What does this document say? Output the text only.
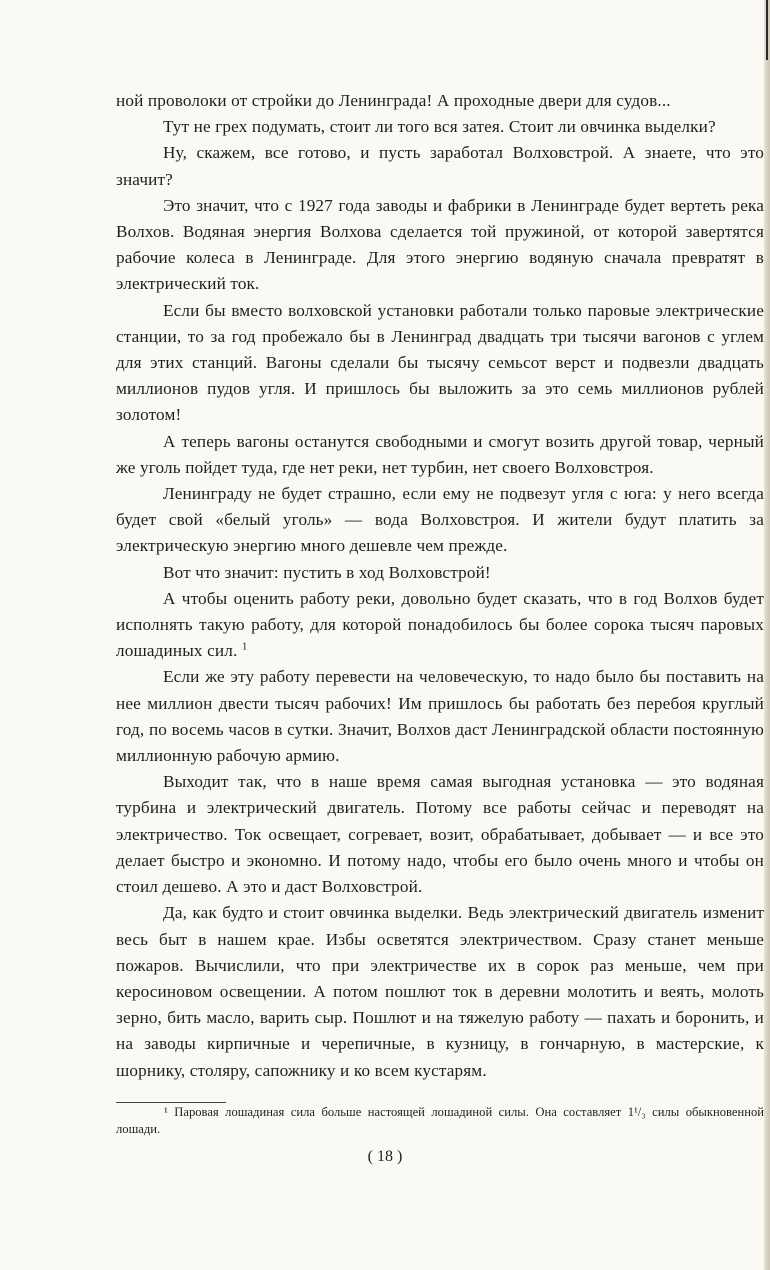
ной проволоки от стройки до Ленинграда! А проходные двери для судов...

Тут не грех подумать, стоит ли того вся затея. Стоит ли овчинка выделки?

Ну, скажем, все готово, и пусть заработал Волховстрой. А знаете, что это значит?

Это значит, что с 1927 года заводы и фабрики в Ленинграде будет вертеть река Волхов. Водяная энергия Волхова сделается той пружиной, от которой завертятся рабочие колеса в Ленинграде. Для этого энергию водяную сначала превратят в электрический ток.

Если бы вместо волховской установки работали только паровые электрические станции, то за год пробежало бы в Ленинград двадцать три тысячи вагонов с углем для этих станций. Вагоны сделали бы тысячу семьсот верст и подвезли двадцать миллионов пудов угля. И пришлось бы выложить за это семь миллионов рублей золотом!

А теперь вагоны останутся свободными и смогут возить другой товар, черный же уголь пойдет туда, где нет реки, нет турбин, нет своего Волховстроя.

Ленинграду не будет страшно, если ему не подвезут угля с юга: у него всегда будет свой «белый уголь» — вода Волховстроя. И жители будут платить за электрическую энергию много дешевле чем прежде.

Вот что значит: пустить в ход Волховстрой!

А чтобы оценить работу реки, довольно будет сказать, что в год Волхов будет исполнять такую работу, для которой понадобилось бы более сорока тысяч паровых лошадиных сил. $^1$

Если же эту работу перевести на человеческую, то надо было бы поставить на нее миллион двести тысяч рабочих! Им пришлось бы работать без перебоя круглый год, по восемь часов в сутки. Значит, Волхов даст Ленинградской области постоянную миллионную рабочую армию.

Выходит так, что в наше время самая выгодная установка — это водяная турбина и электрический двигатель. Потому все работы сейчас и переводят на электричество. Ток освещает, согревает, возит, обрабатывает, добывает — и все это делает быстро и экономно. И потому надо, чтобы его было очень много и чтобы он стоил дешево. А это и даст Волховстрой.

Да, как будто и стоит овчинка выделки. Ведь электрический двигатель изменит весь быт в нашем крае. Избы осветятся электричеством. Сразу станет меньше пожаров. Вычислили, что при электричестве их в сорок раз меньше, чем при керосиновом освещении. А потом пошлют ток в деревни молотить и веять, молоть зерно, бить масло, варить сыр. Пошлют и на тяжелую работу — пахать и боронить, и на заводы кирпичные и черепичные, в кузницу, в гончарную, в мастерские, к шорнику, столяру, сапожнику и ко всем кустарям.

¹ Паровая лошадиная сила больше настоящей лошадиной силы. Она составляет 1¹/₃ силы обыкновенной лошади.

( 18 )
